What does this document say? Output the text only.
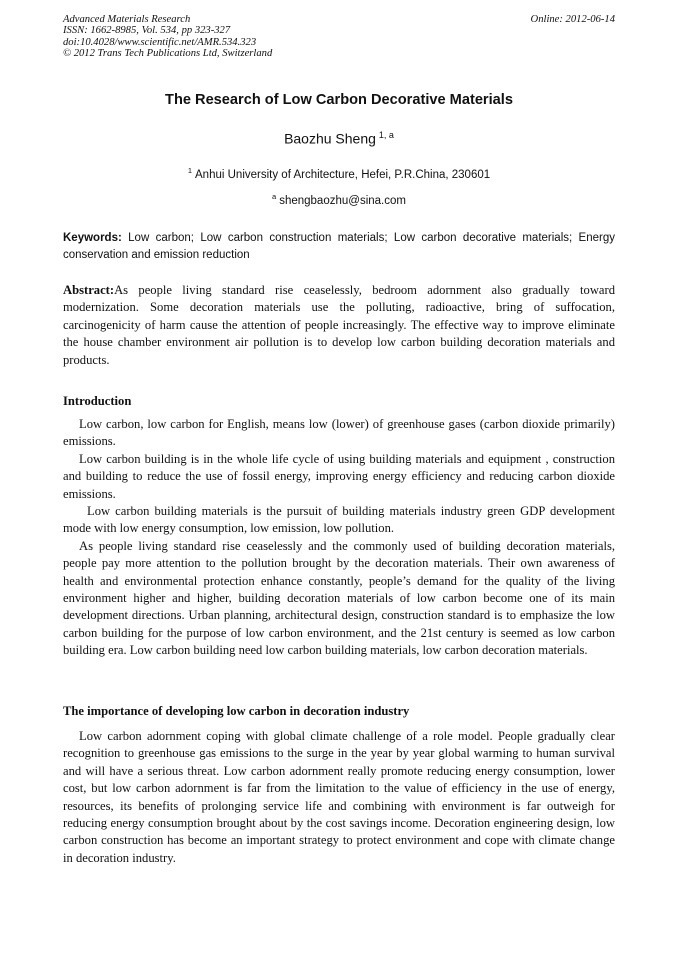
Advanced Materials Research
ISSN: 1662-8985, Vol. 534, pp 323-327
doi:10.4028/www.scientific.net/AMR.534.323
© 2012 Trans Tech Publications Ltd, Switzerland
Online: 2012-06-14
The Research of Low Carbon Decorative Materials
Baozhu Sheng $^{1, a}$
$^1$ Anhui University of Architecture, Hefei, P.R.China, 230601
$^a$ shengbaozhu@sina.com
Keywords: Low carbon; Low carbon construction materials; Low carbon decorative materials; Energy conservation and emission reduction
Abstract:As people living standard rise ceaselessly, bedroom adornment also gradually toward modernization. Some decoration materials use the polluting, radioactive, bring of suffocation, carcinogenicity of harm cause the attention of people increasingly. The effective way to improve eliminate the house chamber environment air pollution is to develop low carbon building decoration materials and products.
Introduction

Low carbon, low carbon for English, means low (lower) of greenhouse gases (carbon dioxide primarily) emissions.

Low carbon building is in the whole life cycle of using building materials and equipment , construction and building to reduce the use of fossil energy, improving energy efficiency and reducing carbon dioxide emissions.

Low carbon building materials is the pursuit of building materials industry green GDP development mode with low energy consumption, low emission, low pollution.

As people living standard rise ceaselessly and the commonly used of building decoration materials, people pay more attention to the pollution brought by the decoration materials. Their own awareness of health and environmental protection enhance constantly, people’s demand for the quality of the living environment higher and higher, building decoration materials of low carbon become one of its main development directions. Urban planning, architectural design, construction standard is to emphasize the low carbon building for the purpose of low carbon environment, and the 21st century is seemed as low carbon building era. Low carbon building need low carbon building materials, low carbon decoration materials.

The importance of developing low carbon in decoration industry

Low carbon adornment coping with global climate challenge of a role model. People gradually clear recognition to greenhouse gas emissions to the surge in the year by year global warming to human survival and will have a serious threat. Low carbon adornment really promote reducing energy consumption, lower cost, but low carbon adornment is far from the limitation to the value of efficiency in the use of energy, resources, its benefits of prolonging service life and combining with environment is far outweigh for reducing energy consumption brought about by the cost savings income. Decoration engineering design, low carbon construction has become an important strategy to protect environment and cope with climate change in decoration industry.
